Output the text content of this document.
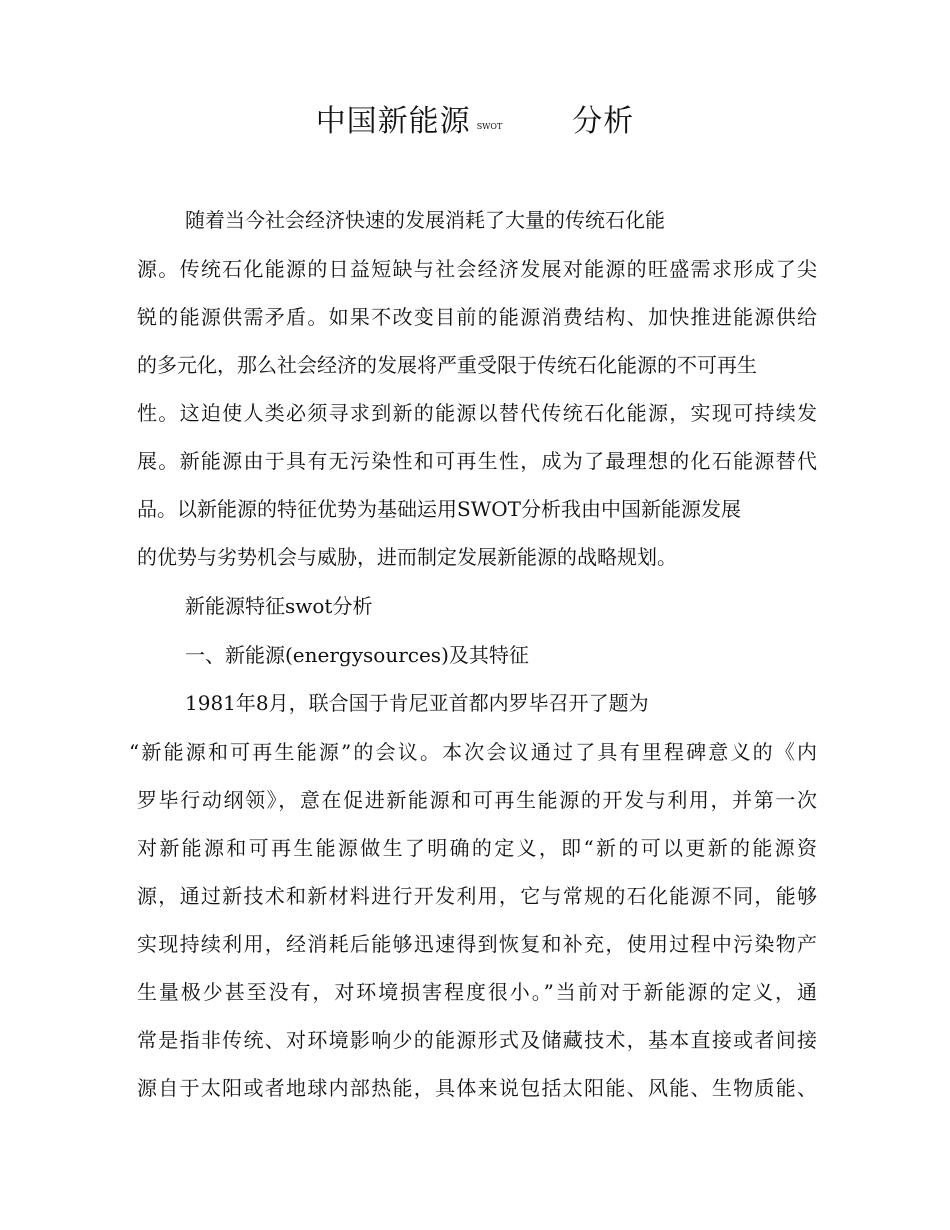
中国新能源 SWOT 分析
随着当今社会经济快速的发展消耗了大量的传统石化能
源。传统石化能源的日益短缺与社会经济发展对能源的旺盛需求形成了尖
锐的能源供需矛盾。如果不改变目前的能源消费结构、加快推进能源供给
的多元化，那么社会经济的发展将严重受限于传统石化能源的不可再生
性。这迫使人类必须寻求到新的能源以替代传统石化能源，实现可持续发
展。新能源由于具有无污染性和可再生性，成为了最理想的化石能源替代
品。以新能源的特征优势为基础运用SWOT分析我由中国新能源发展
的优势与劣势机会与威胁，进而制定发展新能源的战略规划。
新能源特征swot分析
一、新能源(energysources)及其特征
1981年8月，联合国于肯尼亚首都内罗毕召开了题为
“新能源和可再生能源”的会议。本次会议通过了具有里程碑意义的《内
罗毕行动纲领》，意在促进新能源和可再生能源的开发与利用，并第一次
对新能源和可再生能源做生了明确的定义，即“新的可以更新的能源资
源，通过新技术和新材料进行开发利用，它与常规的石化能源不同，能够
实现持续利用，经消耗后能够迅速得到恢复和补充，使用过程中污染物产
生量极少甚至没有，对环境损害程度很小。”当前对于新能源的定义，通
常是指非传统、对环境影响少的能源形式及储藏技术，基本直接或者间接
源自于太阳或者地球内部热能，具体来说包括太阳能、风能、生物质能、
